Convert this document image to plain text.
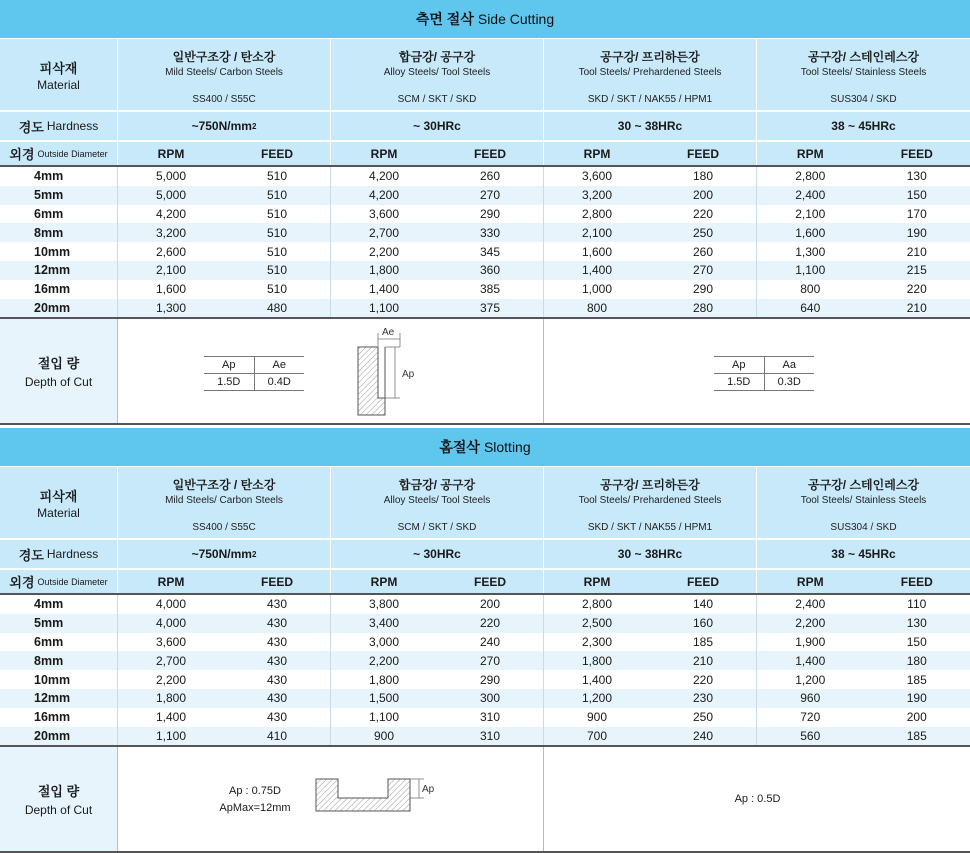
측면 절삭 Side Cutting
피삭재
Material
일반구조강 / 탄소강
Mild Steels/ Carbon Steels
SS400 / S55C
합금강/ 공구강
Alloy Steels/ Tool Steels
SCM / SKT / SKD
공구강/ 프리하든강
Tool Steels/ Prehardened Steels
SKD / SKT / NAK55 / HPM1
공구강/ 스테인레스강
Tool Steels/ Stainless Steels
SUS304 / SKD
경도 Hardness	~750N/mm 2	~ 30HRc	30 ~ 38HRc	38 ~ 45HRc
외경 Outside Diameter	RPM	FEED	RPM	FEED	RPM	FEED	RPM	FEED
4mm	5,000	510	4,200	260	3,600	180	2,800	130
5mm	5,000	510	4,200	270	3,200	200	2,400	150
6mm	4,200	510	3,600	290	2,800	220	2,100	170
8mm	3,200	510	2,700	330	2,100	250	1,600	190
10mm	2,600	510	2,200	345	1,600	260	1,300	210
12mm	2,100	510	1,800	360	1,400	270	1,100	215
16mm	1,600	510	1,400	385	1,000	290	800	220
20mm	1,300	480	1,100	375	800	280	640	210
절입 량
Depth of Cut
Ap	Ae
1.5D	0.4D
Ae
Ap
Ap	Aa
1.5D	0.3D
홈절삭 Slotting
피삭재
Material
일반구조강 / 탄소강
Mild Steels/ Carbon Steels
SS400 / S55C
합금강/ 공구강
Alloy Steels/ Tool Steels
SCM / SKT / SKD
공구강/ 프리하든강
Tool Steels/ Prehardened Steels
SKD / SKT / NAK55 / HPM1
공구강/ 스테인레스강
Tool Steels/ Stainless Steels
SUS304 / SKD
경도 Hardness	~750N/mm 2	~ 30HRc	30 ~ 38HRc	38 ~ 45HRc
외경 Outside Diameter	RPM	FEED	RPM	FEED	RPM	FEED	RPM	FEED
4mm	4,000	430	3,800	200	2,800	140	2,400	110
5mm	4,000	430	3,400	220	2,500	160	2,200	130
6mm	3,600	430	3,000	240	2,300	185	1,900	150
8mm	2,700	430	2,200	270	1,800	210	1,400	180
10mm	2,200	430	1,800	290	1,400	220	1,200	185
12mm	1,800	430	1,500	300	1,200	230	960	190
16mm	1,400	430	1,100	310	900	250	720	200
20mm	1,100	410	900	310	700	240	560	185
절입 량
Depth of Cut
Ap : 0.75D
ApMax=12mm
Ap
Ap : 0.5D
